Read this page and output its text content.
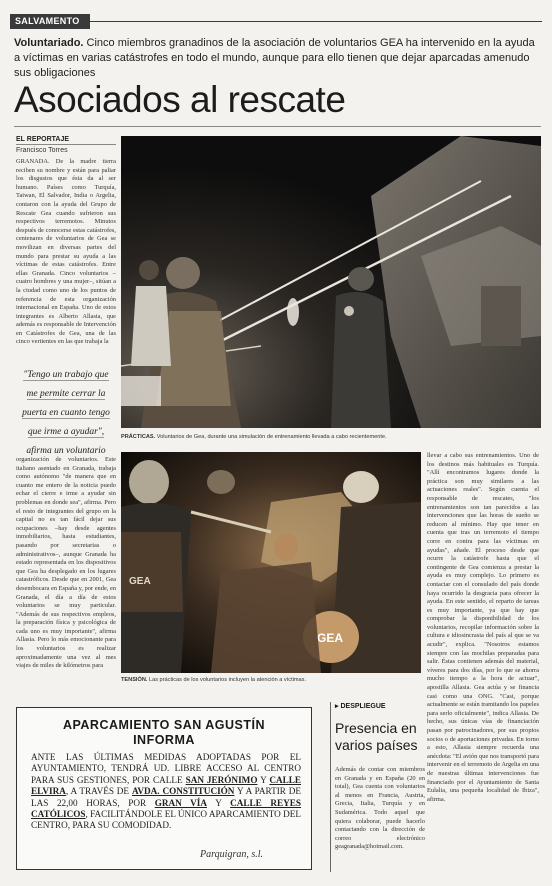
SALVAMENTO
Voluntariado. Cinco miembros granadinos de la asociación de voluntarios GEA ha intervenido en la ayuda a víctimas en varias catástrofes en todo el mundo, aunque para ello tienen que dejar aparcadas amenudo sus obligaciones
Asociados al rescate
EL REPORTAJE
Francisco Torres
GRANADA. De la madre tierra reciben su nombre y están para paliar los disgustos que ésta da al ser humano. Países como Turquía, Taiwan, El Salvador, India o Argelia, contaron con la ayuda del Grupo de Rescate Gea cuando sufrieron sus respectivos terremotos. Minutos después de conocerse estas catástrofes, centenares de voluntarios de Gea se movilizan en diversas partes del mundo para prestar su ayuda a las víctimas de estas catástrofes. Entre ellas Granada. Cinco voluntarios –cuatro hombres y una mujer–, sitúan a la ciudad como uno de los puntos de referencia de esta organización internacional en España. Uno de estos integrantes es Alberto Allasia, que además es responsable de Intervención en Catástrofes de Gea, una de las cinco vertientes en las que trabaja la
"Tengo un trabajo que
me permite cerrar la
puerta en cuanto tengo
que irme a ayudar",
afirma un voluntario
PRÁCTICAS. Voluntarios de Gea, durante una simulación de entrenamiento llevada a cabo recientemente.
organización de voluntarios. Este italiano asentado en Granada, trabaja como autónomo "de manera que en cuanto me entero de la noticia puedo echar el cierre e irme a ayudar sin problemas en donde sea", afirma. Pero el resto de integrantes del grupo en la capital no es tan fácil dejar sus ocupaciones –hay desde agentes inmobiliarios, hasta estudiantes, pasando por secretarias o administrativos–, aunque Granada ha estado representada en los dispositivos que Gea ha desplegado en los lugares catastróficos. Desde que en 2001, Gea desembocara en España y, por ende, en Granada, el día a día de estos voluntarios se muy particular. "Además de sus respectivos empleos, la preparación física y psicológica de cada uno es muy importante", afirma Allasia. Pero lo más emocionante para los voluntarios es realizar aproximadamente una vez al mes viajes de miles de kilómetros para
GEA
GEA
TENSIÓN. Las prácticas de los voluntarios incluyen la atención a víctimas.
llevar a cabo sus entrenamientos. Uno de los destinos más habituales es Turquía. "Allí encontramos lugares donde la práctica son muy similares a las actuaciones reales". Según cuenta el responsable de rescates, "los entrenamientos son tan parecidos a las intervenciones que las horas de sueño se reducen al mínimo. Hay que tener en cuenta que tras un terremoto el tiempo corre en contra para las víctimas en ayudas", añade. El proceso desde que ocurre la catástrofe hasta que el contingente de Gea comienza a prestar la ayuda es muy complejo. Lo primero es contactar con el consulado del país donde haya ocurrido la desgracia para ofrecer la ayuda. En este sentido, el reparto de tareas es muy importante, ya que hay que comprobar la disponibilidad de los voluntarios, recopilar información sobre la cultura e idiosincrasia del país al que se va acudir", explica. "Nosotros estamos siempre con las mochilas preparadas para salir. Éstas contienen además del material, víveres para dos días, por lo que se ahorra mucho tiempo a la hora de actuar", apostilla Allasia. Gea actúa y se financia casi como una ONG. "Casi, porque actualmente se están tramitando los papeles para serlo oficialmente", indica Allasia. De hecho, sus únicas vías de financiación pasan por patrocinadores, por sus propios socios o de aportaciones privadas. En torno a esto, Allasia siempre recuerda una anécdota: "El avión que nos transportó para intervenir en el terremoto de Argelia en una de nuestras últimas intervenciones fue financiado por el Ayuntamiento de Santa Eulalia, una pequeña localidad de Ibiza", afirma.
APARCAMIENTO SAN AGUSTÍN
INFORMA
ANTE LAS ÚLTIMAS MEDIDAS ADOPTADAS POR EL AYUNTAMIENTO, TENDRÁ UD. LIBRE ACCESO AL CENTRO PARA SUS GESTIONES, POR CALLE SAN JERÓNIMO Y CALLE ELVIRA, A TRAVÉS DE AVDA. CONSTITUCIÓN Y A PARTIR DE LAS 22,00 HORAS, POR GRAN VÍA Y CALLE REYES CATÓLICOS, FACILITÁNDOLE EL ÚNICO APARCAMIENTO DEL CENTRO, PARA SU COMODIDAD.
Parquigran, s.l.
▸ DESPLIEGUE
Presencia en varios países
Además de contar con miembros en Granada y en España (20 en total), Gea cuenta con voluntarios al menos en Francia, Austria, Grecia, Italia, Turquía y en Sudamérica. Todo aquel que quiera colaborar, puede hacerlo contactando con la dirección de correo electrónico geagranada@hotmail.com.
